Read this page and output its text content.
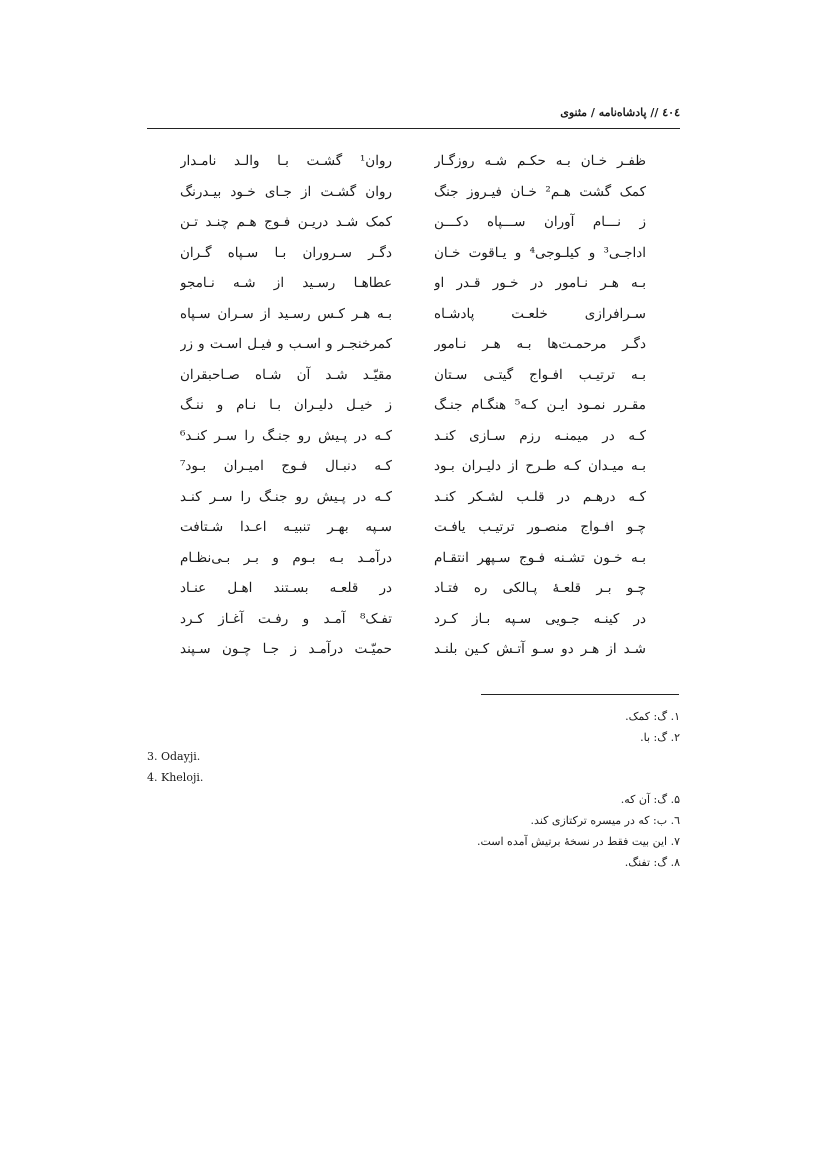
٤٠٤ // پادشاه‌نامه / مثنوی
ظفـر خـان بـه حکـم شـه روزگـار
روان¹ گشـت بـا والـد نامـدار
کمک گشت هـم² خـان فیـروز جنگ
روان گشـت از جـای خـود بیـدرنگ
ز نـــام آوران ســـپاه دکـــن
کمک شـد دریـن فـوج هـم چنـد تـن
اداجـی³ و کیلـوجی⁴ و یـاقوت خـان
دگـر سـروران بـا سـپاه گـران
بـه هـر نـامور در خـور قـدر او
عطاهـا رسـید از شـه نـامجو
سـرافرازی خلعـت پادشـاه
بـه هـر کـس رسـید از سـران سـپاه
دگـر مرحمـت‌ها بـه هـر نـامور
کمرخنجـر و اسـب و فیـل اسـت و زر
بـه ترتیـب افـواج گیتـی سـتان
مقیّـد شـد آن شـاه صـاحبقران
مقـرر نمـود ایـن کـه⁵ هنگـام جنـگ
ز خیـل دلیـران بـا نـام و ننـگ
کـه در میمنـه رزم سـازی کنـد
کـه در پـیش رو جنـگ را سـر کنـد⁶
بـه میـدان کـه طـرح از دلیـران بـود
کـه دنبـال فـوج امیـران بـود⁷
کـه درهـم در قلـب لشـکر کنـد
کـه در پـیش رو جنـگ را سـر کنـد
چـو افـواج منصـور ترتیـب یافـت
سـپه بهـر تنبیـه اعـدا شـتافت
بـه خـون تشـنه فـوج سـپهر انتقـام
درآمـد بـه بـوم و بـر بـی‌نظـام
چـو بـر قلعـهٔ پـالکی ره فتـاد
در قلعـه بسـتند اهـل عنـاد
در کینـه جـویی سـپه بـاز کـرد
تفـک⁸ آمـد و رفـت آغـاز کـرد
شـد از هـر دو سـو آتـش کـین بلنـد
حمیّـت درآمـد ز جـا چـون سـپند
۱. گ: کمک.
۲. گ: با.
3. Odayji.
4. Kheloji.
۵. گ: آن که.
٦. ب: که در میسره ترکتازی کند.
۷. این بیت فقط در نسخهٔ برتیش آمده است.
۸. گ: تفنگ.
